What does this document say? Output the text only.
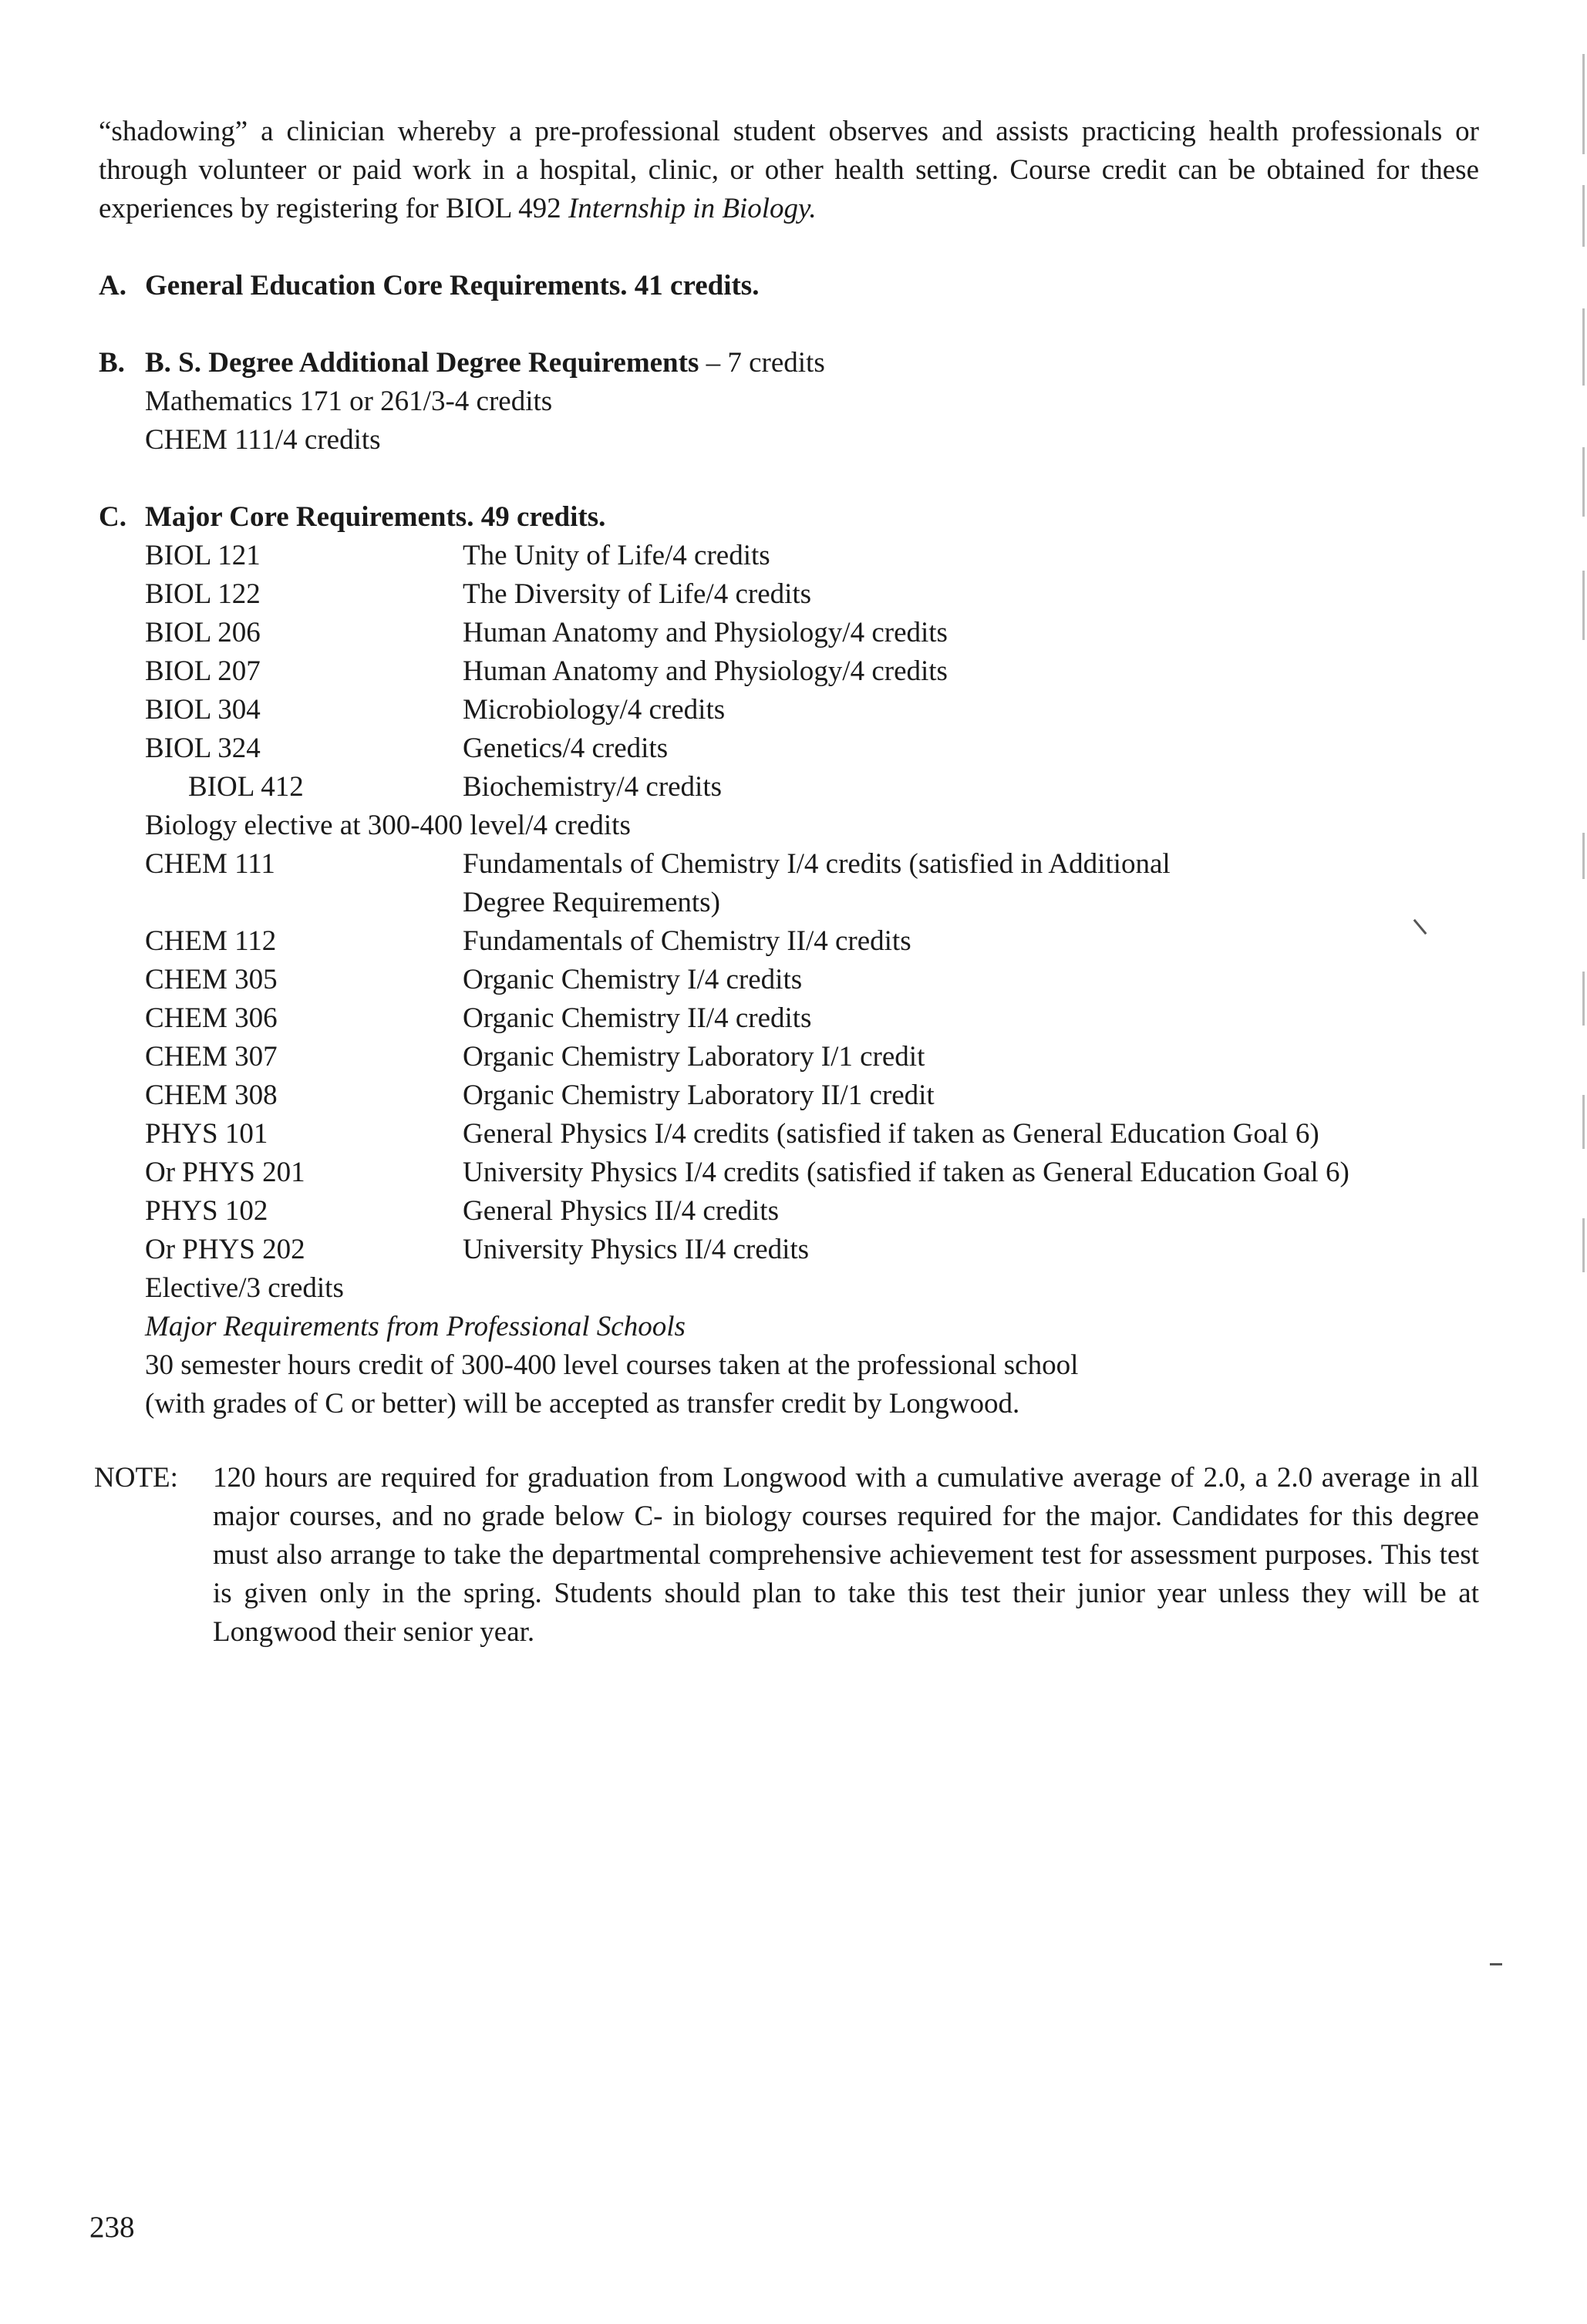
“shadowing” a clinician whereby a pre-professional student observes and assists practicing health professionals or through volunteer or paid work in a hospital, clinic, or other health setting. Course credit can be obtained for these experiences by registering for BIOL 492 Internship in Biology.

A. General Education Core Requirements. 41 credits.
B. B. S. Degree Additional Degree Requirements – 7 credits
Mathematics 171 or 261/3-4 credits
CHEM 111/4 credits
C. Major Core Requirements. 49 credits.
BIOL 121	The Unity of Life/4 credits
BIOL 122	The Diversity of Life/4 credits
BIOL 206	Human Anatomy and Physiology/4 credits
BIOL 207	Human Anatomy and Physiology/4 credits
BIOL 304	Microbiology/4 credits
BIOL 324	Genetics/4 credits
BIOL 412	Biochemistry/4 credits
Biology elective at 300-400 level/4 credits
CHEM 111	Fundamentals of Chemistry I/4 credits (satisfied in Additional
Degree Requirements)
CHEM 112	Fundamentals of Chemistry II/4 credits
CHEM 305	Organic Chemistry I/4 credits
CHEM 306	Organic Chemistry II/4 credits
CHEM 307	Organic Chemistry Laboratory I/1 credit
CHEM 308	Organic Chemistry Laboratory II/1 credit
PHYS 101	General Physics I/4 credits (satisfied if taken as General Education Goal 6)
Or PHYS 201	University Physics I/4 credits (satisfied if taken as General Education Goal 6)
PHYS 102	General Physics II/4 credits
Or PHYS 202	University Physics II/4 credits
Elective/3 credits
Major Requirements from Professional Schools
30 semester hours credit of 300-400 level courses taken at the professional school
(with grades of C or better) will be accepted as transfer credit by Longwood.
NOTE: 120 hours are required for graduation from Longwood with a cumulative average of 2.0, a 2.0 average in all major courses, and no grade below C- in biology courses required for the major. Candidates for this degree must also arrange to take the departmental comprehensive achievement test for assessment purposes. This test is given only in the spring. Students should plan to take this test their junior year unless they will be at Longwood their senior year.

238
